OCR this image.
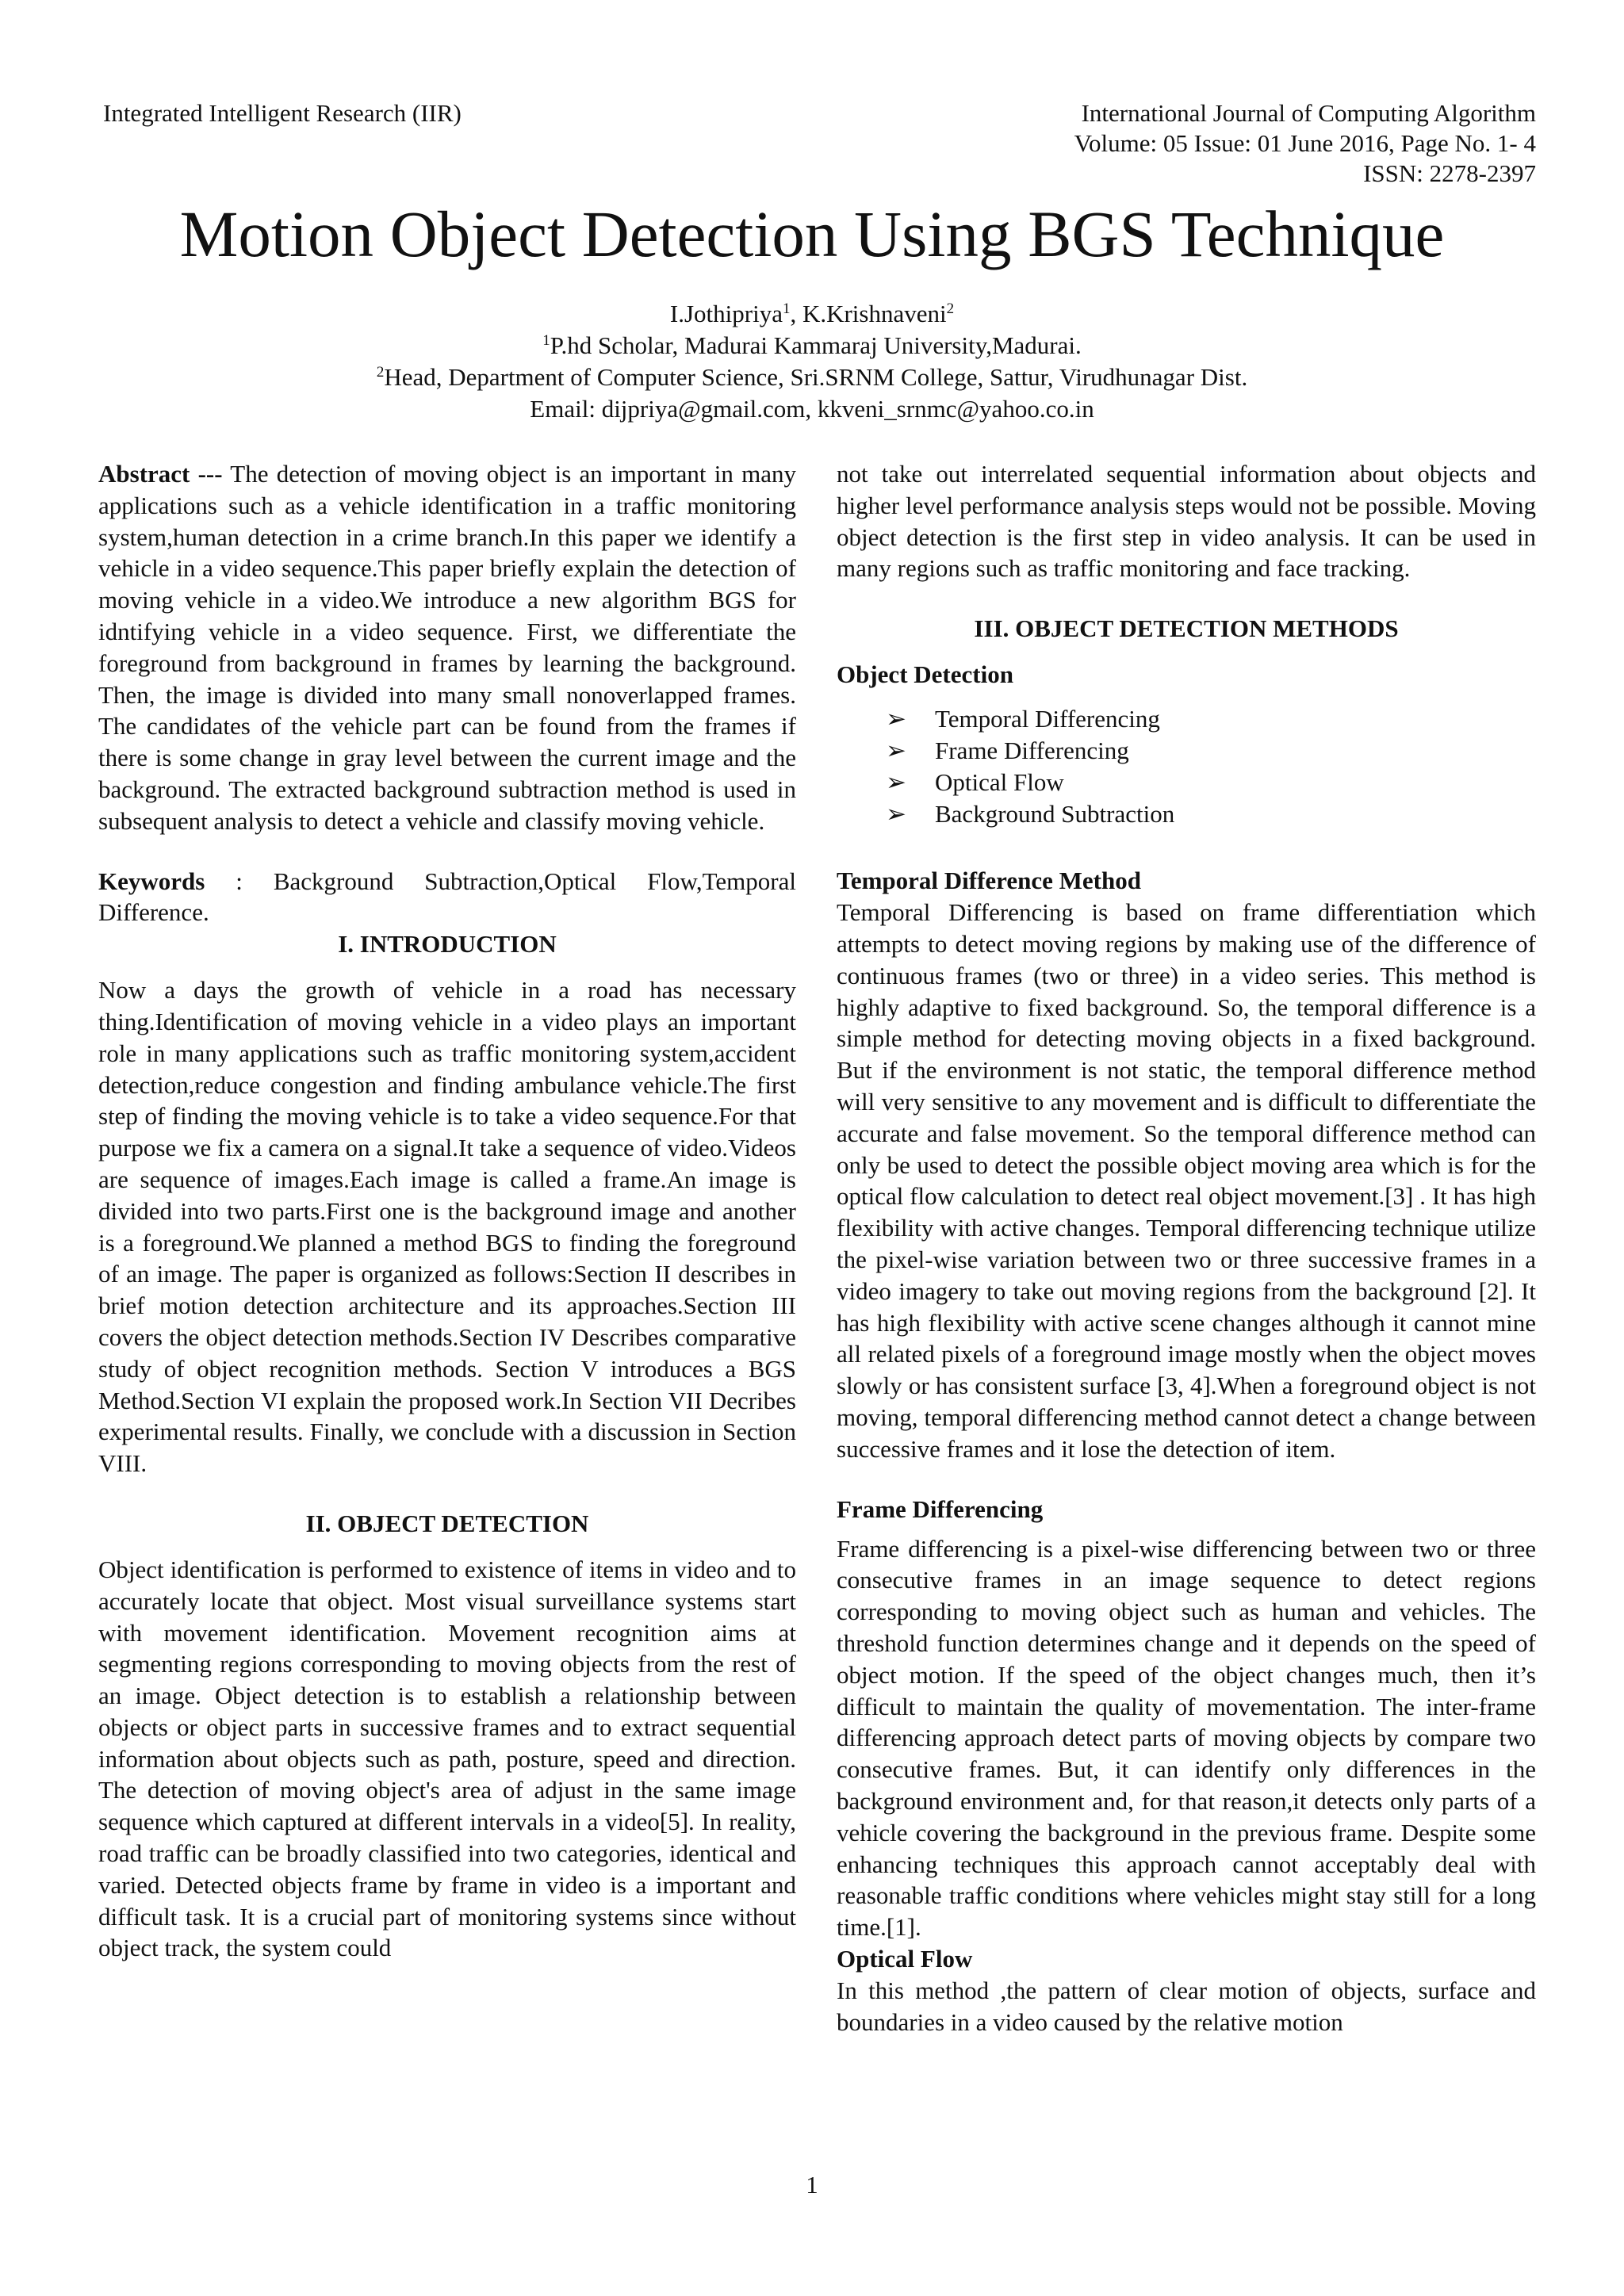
Integrated Intelligent Research (IIR)	International Journal of Computing Algorithm
Volume: 05 Issue: 01 June 2016, Page No. 1- 4
ISSN: 2278-2397
Motion Object Detection Using BGS Technique
I.Jothipriya$^1$, K.Krishnaveni$^2$
$^1$P.hd Scholar, Madurai Kammaraj University,Madurai.
$^2$Head, Department of Computer Science, Sri.SRNM College, Sattur, Virudhunagar Dist.
Email: dijpriya@gmail.com, kkveni_srnmc@yahoo.co.in

Abstract --- The detection of moving object is an important in many applications such as a vehicle identification in a traffic monitoring system,human detection in a crime branch.In this paper we identify a vehicle in a video sequence.This paper briefly explain the detection of moving vehicle in a video.We introduce a new algorithm BGS for idntifying vehicle in a video sequence. First, we differentiate the foreground from background in frames by learning the background. Then, the image is divided into many small nonoverlapped frames. The candidates of the vehicle part can be found from the frames if there is some change in gray level between the current image and the background. The extracted background subtraction method is used in subsequent analysis to detect a vehicle and classify moving vehicle.

Keywords : Background Subtraction,Optical Flow,Temporal Difference.

I. INTRODUCTION

Now a days the growth of vehicle in a road has necessary thing.Identification of moving vehicle in a video plays an important role in many applications such as traffic monitoring system,accident detection,reduce congestion and finding ambulance vehicle.The first step of finding the moving vehicle is to take a video sequence.For that purpose we fix a camera on a signal.It take a sequence of video.Videos are sequence of images.Each image is called a frame.An image is divided into two parts.First one is the background image and another is a foreground.We planned a method BGS to finding the foreground of an image. The paper is organized as follows:Section II describes in brief motion detection architecture and its approaches.Section III covers the object detection methods.Section IV Describes comparative study of object recognition methods. Section V introduces a BGS Method.Section VI explain the proposed work.In Section VII Decribes experimental results. Finally, we conclude with a discussion in Section VIII.

II. OBJECT DETECTION

Object identification is performed to existence of items in video and to accurately locate that object. Most visual surveillance systems start with movement identification. Movement recognition aims at segmenting regions corresponding to moving objects from the rest of an image. Object detection is to establish a relationship between objects or object parts in successive frames and to extract sequential information about objects such as path, posture, speed and direction. The detection of moving object's area of adjust in the same image sequence which captured at different intervals in a video[5]. In reality, road traffic can be broadly classified into two categories, identical and varied. Detected objects frame by frame in video is a important and difficult task. It is a crucial part of monitoring systems since without object track, the system could

not take out interrelated sequential information about objects and higher level performance analysis steps would not be possible. Moving object detection is the first step in video analysis. It can be used in many regions such as traffic monitoring and face tracking.

III. OBJECT DETECTION METHODS
Object Detection
➢	Temporal Differencing
➢	Frame Differencing
➢	Optical Flow
➢	Background Subtraction
Temporal Difference Method

Temporal Differencing is based on frame differentiation which attempts to detect moving regions by making use of the difference of continuous frames (two or three) in a video series. This method is highly adaptive to fixed background. So, the temporal difference is a simple method for detecting moving objects in a fixed background. But if the environment is not static, the temporal difference method will very sensitive to any movement and is difficult to differentiate the accurate and false movement. So the temporal difference method can only be used to detect the possible object moving area which is for the optical flow calculation to detect real object movement.[3] . It has high flexibility with active changes. Temporal differencing technique utilize the pixel-wise variation between two or three successive frames in a video imagery to take out moving regions from the background [2]. It has high flexibility with active scene changes although it cannot mine all related pixels of a foreground image mostly when the object moves slowly or has consistent surface [3, 4].When a foreground object is not moving, temporal differencing method cannot detect a change between successive frames and it lose the detection of item.

Frame Differencing

Frame differencing is a pixel-wise differencing between two or three consecutive frames in an image sequence to detect regions corresponding to moving object such as human and vehicles. The threshold function determines change and it depends on the speed of object motion. If the speed of the object changes much, then it’s difficult to maintain the quality of movementation. The inter-frame differencing approach detect parts of moving objects by compare two consecutive frames. But, it can identify only differences in the background environment and, for that reason,it detects only parts of a vehicle covering the background in the previous frame. Despite some enhancing techniques this approach cannot acceptably deal with reasonable traffic conditions where vehicles might stay still for a long time.[1].

Optical Flow

In this method ,the pattern of clear motion of objects, surface and boundaries in a video caused by the relative motion

1
